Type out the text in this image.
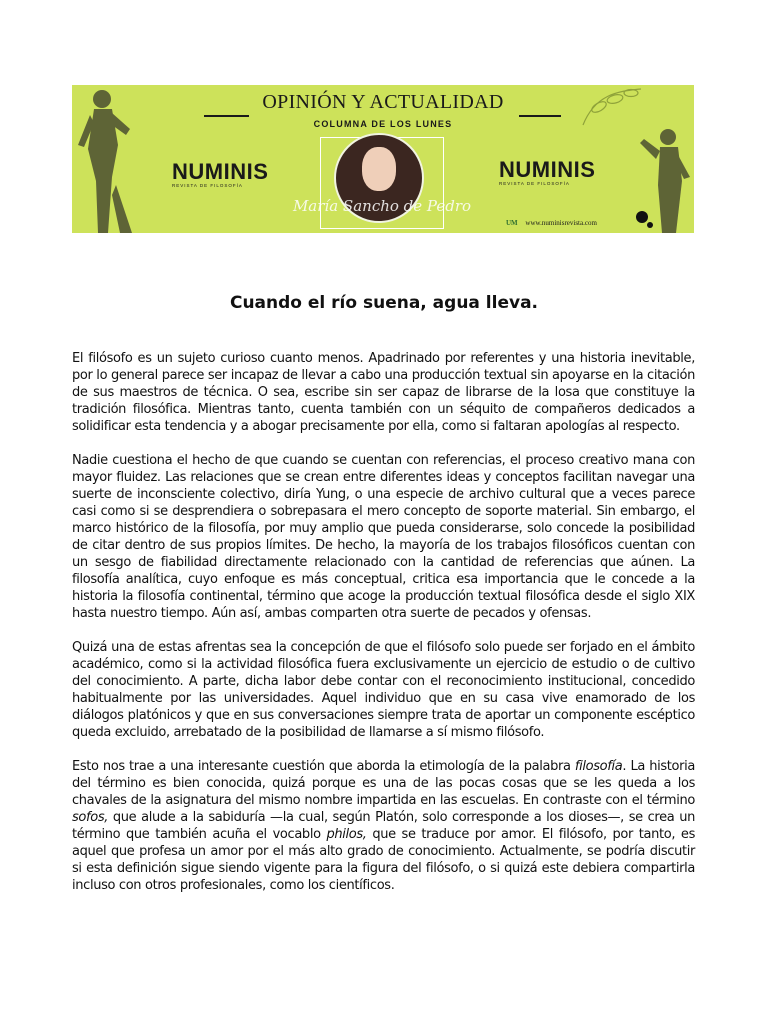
OPINIÓN Y ACTUALIDAD
COLUMNA DE LOS LUNES
María Sancho de Pedro
NUMINIS
REVISTA DE FILOSOFÍA
NUMINIS
REVISTA DE FILOSOFÍA
UM www.numinisrevista.com
Cuando el río suena, agua lleva.

El filósofo es un sujeto curioso cuanto menos. Apadrinado por referentes y una historia inevitable, por lo general parece ser incapaz de llevar a cabo una producción textual sin apoyarse en la citación de sus maestros de técnica. O sea, escribe sin ser capaz de librarse de la losa que constituye la tradición filosófica. Mientras tanto, cuenta también con un séquito de compañeros dedicados a solidificar esta tendencia y a abogar precisamente por ella, como si faltaran apologías al respecto.

Nadie cuestiona el hecho de que cuando se cuentan con referencias, el proceso creativo mana con mayor fluidez. Las relaciones que se crean entre diferentes ideas y conceptos facilitan navegar una suerte de inconsciente colectivo, diría Yung, o una especie de archivo cultural que a veces parece casi como si se desprendiera o sobrepasara el mero concepto de soporte material. Sin embargo, el marco histórico de la filosofía, por muy amplio que pueda considerarse, solo concede la posibilidad de citar dentro de sus propios límites. De hecho, la mayoría de los trabajos filosóficos cuentan con un sesgo de fiabilidad directamente relacionado con la cantidad de referencias que aúnen. La filosofía analítica, cuyo enfoque es más conceptual, critica esa importancia que le concede a la historia la filosofía continental, término que acoge la producción textual filosófica desde el siglo XIX hasta nuestro tiempo. Aún así, ambas comparten otra suerte de pecados y ofensas.

Quizá una de estas afrentas sea la concepción de que el filósofo solo puede ser forjado en el ámbito académico, como si la actividad filosófica fuera exclusivamente un ejercicio de estudio o de cultivo del conocimiento. A parte, dicha labor debe contar con el reconocimiento institucional, concedido habitualmente por las universidades. Aquel individuo que en su casa vive enamorado de los diálogos platónicos y que en sus conversaciones siempre trata de aportar un componente escéptico queda excluido, arrebatado de la posibilidad de llamarse a sí mismo filósofo.

Esto nos trae a una interesante cuestión que aborda la etimología de la palabra filosofía. La historia del término es bien conocida, quizá porque es una de las pocas cosas que se les queda a los chavales de la asignatura del mismo nombre impartida en las escuelas. En contraste con el término sofos, que alude a la sabiduría —la cual, según Platón, solo corresponde a los dioses—, se crea un término que también acuña el vocablo philos, que se traduce por amor. El filósofo, por tanto, es aquel que profesa un amor por el más alto grado de conocimiento. Actualmente, se podría discutir si esta definición sigue siendo vigente para la figura del filósofo, o si quizá este debiera compartirla incluso con otros profesionales, como los científicos.
